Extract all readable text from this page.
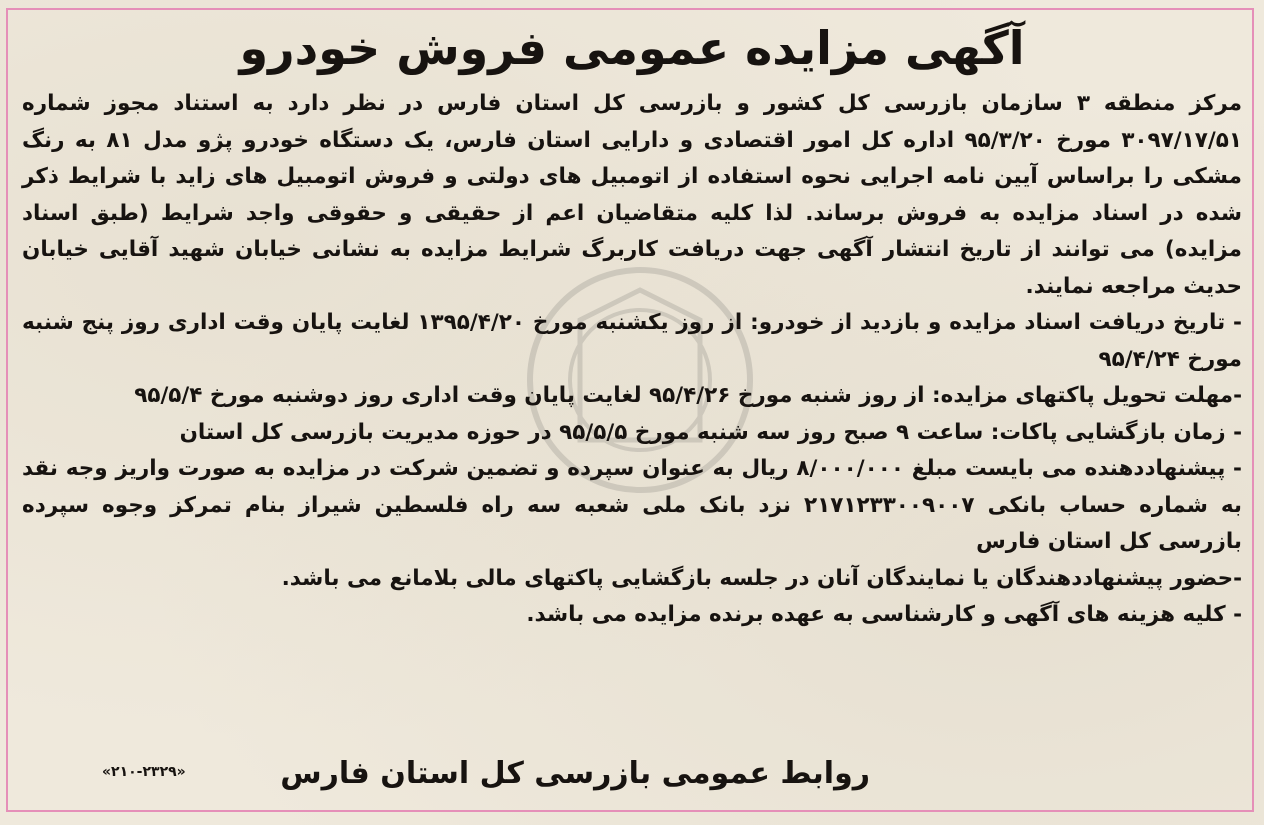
آگهی مزایده عمومی فروش خودرو

مرکز منطقه ۳ سازمان بازرسی کل کشور و بازرسی کل استان فارس در نظر دارد به استناد مجوز شماره ۳۰۹۷/۱۷/۵۱ مورخ ۹۵/۳/۲۰ اداره کل امور اقتصادی و دارایی استان فارس، یک دستگاه خودرو پژو مدل ۸۱ به رنگ مشکی را براساس آیین نامه اجرایی نحوه استفاده از اتومبیل های دولتی و فروش اتومبیل های زاید با شرایط ذکر شده در اسناد مزایده به فروش برساند. لذا کلیه متقاضیان اعم از حقیقی و حقوقی واجد شرایط (طبق اسناد مزایده) می توانند از تاریخ انتشار آگهی جهت دریافت کاربرگ شرایط مزایده به نشانی خیابان شهید آقایی خیابان حدیث مراجعه نمایند.

- تاریخ دریافت اسناد مزایده و بازدید از خودرو: از روز یکشنبه مورخ ۱۳۹۵/۴/۲۰ لغایت پایان وقت اداری روز پنج شنبه مورخ ۹۵/۴/۲۴
-مهلت تحویل پاکتهای مزایده: از روز شنبه مورخ ۹۵/۴/۲۶ لغایت پایان وقت اداری روز دوشنبه مورخ ۹۵/۵/۴
- زمان بازگشایی پاکات: ساعت ۹ صبح روز سه شنبه مورخ ۹۵/۵/۵ در حوزه مدیریت بازرسی کل استان
- پیشنهاددهنده می بایست مبلغ ۸/۰۰۰/۰۰۰ ریال به عنوان سپرده و تضمین شرکت در مزایده به صورت واریز وجه نقد به شماره حساب بانکی ۲۱۷۱۲۳۳۰۰۹۰۰۷ نزد بانک ملی شعبه سه راه فلسطین شیراز بنام تمرکز وجوه سپرده بازرسی کل استان فارس
-حضور پیشنهاددهندگان یا نمایندگان آنان در جلسه بازگشایی پاکتهای مالی بلامانع می باشد.
- کلیه هزینه های آگهی و کارشناسی به عهده برنده مزایده می باشد.
روابط عمومی بازرسی کل استان فارس
«۲۱۰-۲۳۲۹»
